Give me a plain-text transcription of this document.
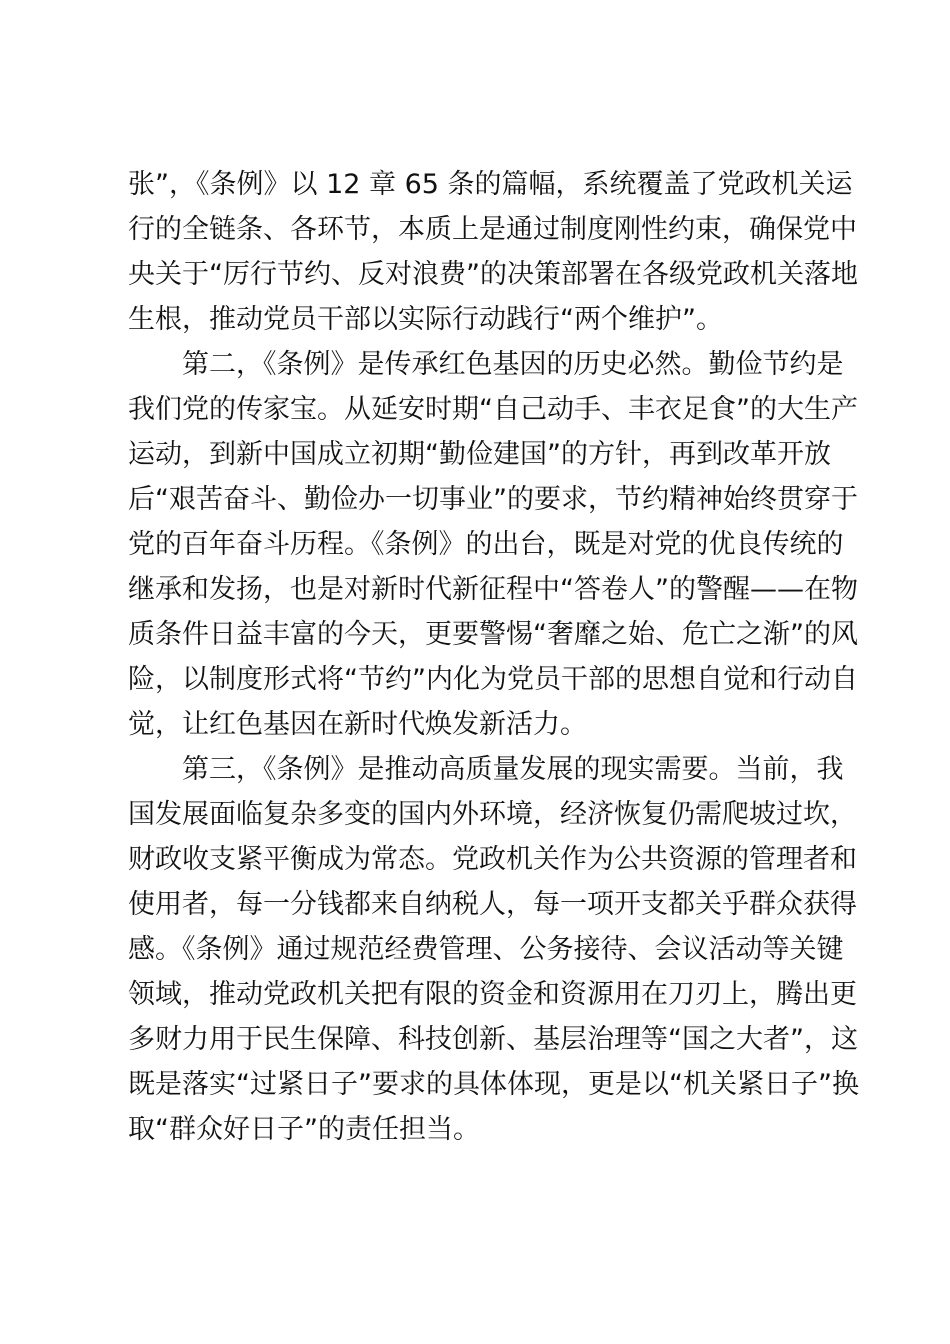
张”，《条例》以 12 章 65 条的篇幅，系统覆盖了党政机关运
行的全链条、各环节，本质上是通过制度刚性约束，确保党中
央关于“厉行节约、反对浪费”的决策部署在各级党政机关落地
生根，推动党员干部以实际行动践行“两个维护”。
第二，《条例》是传承红色基因的历史必然。勤俭节约是
我们党的传家宝。从延安时期“自己动手、丰衣足食”的大生产
运动，到新中国成立初期“勤俭建国”的方针，再到改革开放
后“艰苦奋斗、勤俭办一切事业”的要求，节约精神始终贯穿于
党的百年奋斗历程。《条例》的出台，既是对党的优良传统的
继承和发扬，也是对新时代新征程中“答卷人”的警醒——在物
质条件日益丰富的今天，更要警惕“奢靡之始、危亡之渐”的风
险，以制度形式将“节约”内化为党员干部的思想自觉和行动自
觉，让红色基因在新时代焕发新活力。
第三，《条例》是推动高质量发展的现实需要。当前，我
国发展面临复杂多变的国内外环境，经济恢复仍需爬坡过坎，
财政收支紧平衡成为常态。党政机关作为公共资源的管理者和
使用者，每一分钱都来自纳税人，每一项开支都关乎群众获得
感。《条例》通过规范经费管理、公务接待、会议活动等关键
领域，推动党政机关把有限的资金和资源用在刀刃上，腾出更
多财力用于民生保障、科技创新、基层治理等“国之大者”，这
既是落实“过紧日子”要求的具体体现，更是以“机关紧日子”换
取“群众好日子”的责任担当。
